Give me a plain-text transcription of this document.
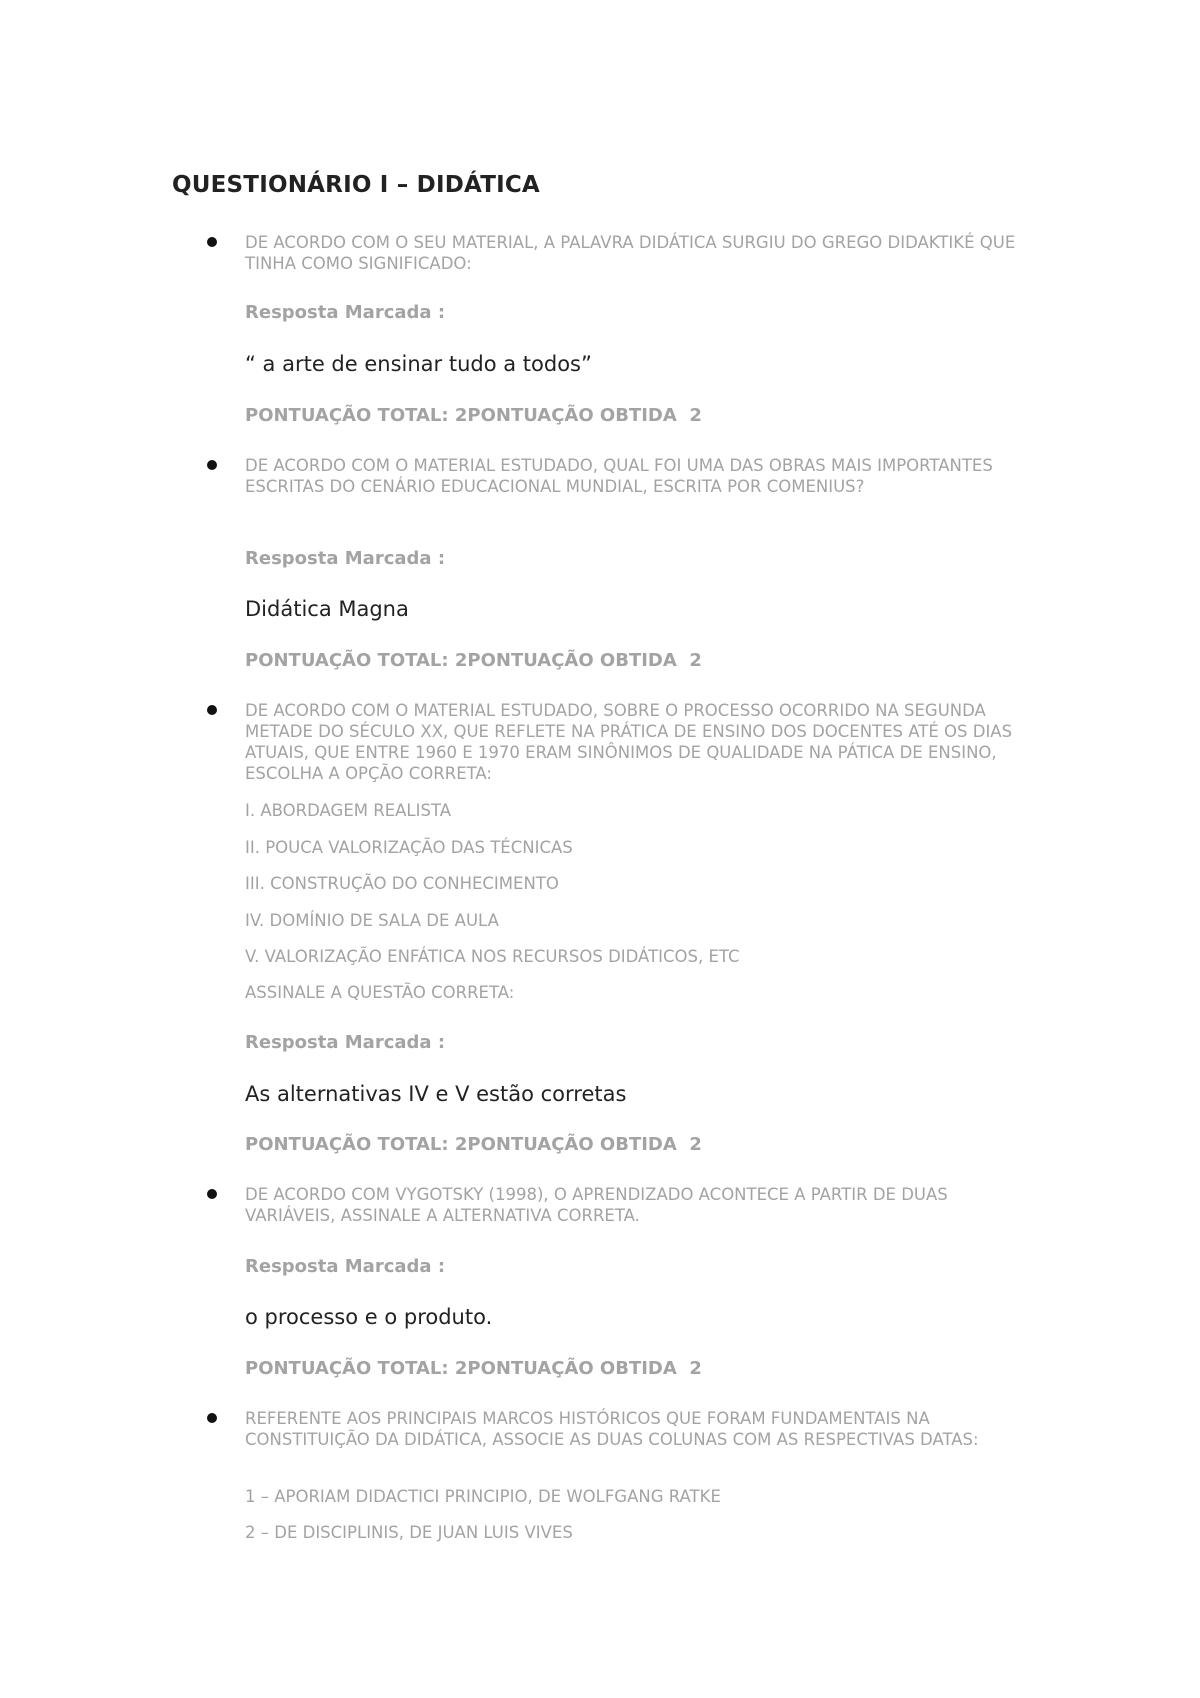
QUESTIONÁRIO I – DIDÁTICA
DE ACORDO COM O SEU MATERIAL, A PALAVRA DIDÁTICA SURGIU DO GREGO DIDAKTIKÉ QUE TINHA COMO SIGNIFICADO:
Resposta Marcada :
“ a arte de ensinar tudo a todos”
PONTUAÇÃO TOTAL: 2PONTUAÇÃO OBTIDA  2
DE ACORDO COM O MATERIAL ESTUDADO, QUAL FOI UMA DAS OBRAS MAIS IMPORTANTES ESCRITAS DO CENÁRIO EDUCACIONAL MUNDIAL, ESCRITA POR COMENIUS?
Resposta Marcada :
Didática Magna
PONTUAÇÃO TOTAL: 2PONTUAÇÃO OBTIDA  2
DE ACORDO COM O MATERIAL ESTUDADO, SOBRE O PROCESSO OCORRIDO NA SEGUNDA METADE DO SÉCULO XX, QUE REFLETE NA PRÁTICA DE ENSINO DOS DOCENTES ATÉ OS DIAS ATUAIS, QUE ENTRE 1960 E 1970 ERAM SINÔNIMOS DE QUALIDADE NA PÁTICA DE ENSINO, ESCOLHA A OPÇÃO CORRETA:
I. ABORDAGEM REALISTA
II. POUCA VALORIZAÇÃO DAS TÉCNICAS
III. CONSTRUÇÃO DO CONHECIMENTO
IV. DOMÍNIO DE SALA DE AULA
V. VALORIZAÇÃO ENFÁTICA NOS RECURSOS DIDÁTICOS, ETC
ASSINALE A QUESTÃO CORRETA:
Resposta Marcada :
As alternativas IV e V estão corretas
PONTUAÇÃO TOTAL: 2PONTUAÇÃO OBTIDA  2
DE ACORDO COM VYGOTSKY (1998), O APRENDIZADO ACONTECE A PARTIR DE DUAS VARIÁVEIS, ASSINALE A ALTERNATIVA CORRETA.
Resposta Marcada :
o processo e o produto.
PONTUAÇÃO TOTAL: 2PONTUAÇÃO OBTIDA  2
REFERENTE AOS PRINCIPAIS MARCOS HISTÓRICOS QUE FORAM FUNDAMENTAIS NA CONSTITUIÇÃO DA DIDÁTICA, ASSOCIE AS DUAS COLUNAS COM AS RESPECTIVAS DATAS:
1 – APORIAM DIDACTICI PRINCIPIO, DE WOLFGANG RATKE
2 – DE DISCIPLINIS, DE JUAN LUIS VIVES
